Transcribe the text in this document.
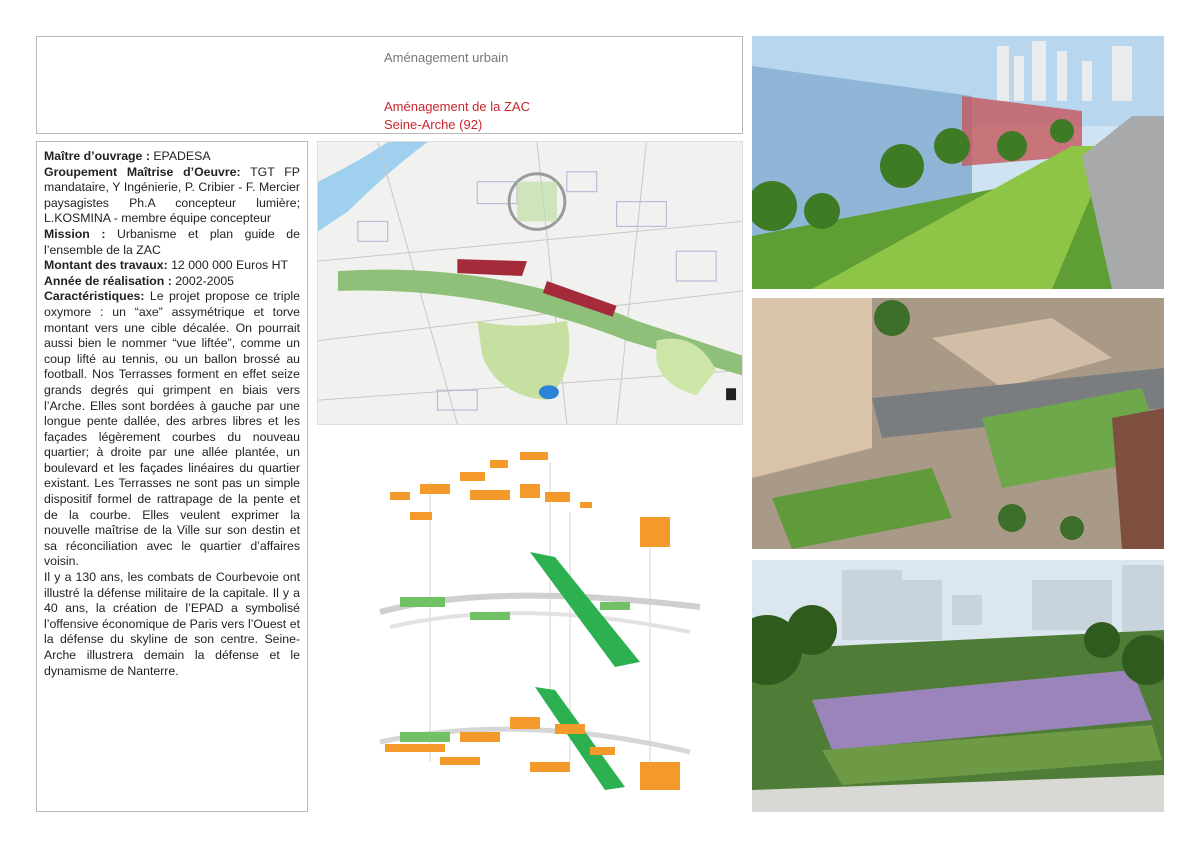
Aménagement urbain
Aménagement de la ZAC
Seine-Arche (92)

Maître d’ouvrage : EPADESA

Groupement Maîtrise d’Oeuvre: TGT FP mandataire, Y Ingénierie, P. Cribier - F. Mercier paysagistes Ph.A concepteur lumière; L.KOSMINA - membre équipe concepteur

Mission : Urbanisme et plan guide de l’ensemble de la ZAC

Montant des travaux: 12 000 000 Euros HT

Année de réalisation : 2002-2005

Caractéristiques: Le projet propose ce triple oxymore : un “axe” assymétrique et torve montant vers une cible décalée. On pourrait aussi bien le nommer “vue liftée”, comme un coup lifté au tennis, ou un ballon brossé au football. Nos Terrasses forment en effet seize grands degrés qui grimpent en biais vers l’Arche. Elles sont bordées à gauche par une longue pente dallée, des arbres libres et les façades légèrement courbes du nouveau quartier; à droite par une allée plantée, un boulevard et les façades linéaires du quartier existant. Les Terrasses ne sont pas un simple dispositif formel de rattrapage de la pente et de la courbe. Elles veulent exprimer la nouvelle maîtrise de la Ville sur son destin et sa réconciliation avec le quartier d’affaires voisin.

Il y a 130 ans, les combats de Courbevoie ont illustré la défense militaire de la capitale. Il y a 40 ans, la création de l’EPAD a symbolisé l’offensive économique de Paris vers l’Ouest et la défense du skyline de son centre. Seine-Arche illustrera demain la défense et le dynamisme de Nanterre.
